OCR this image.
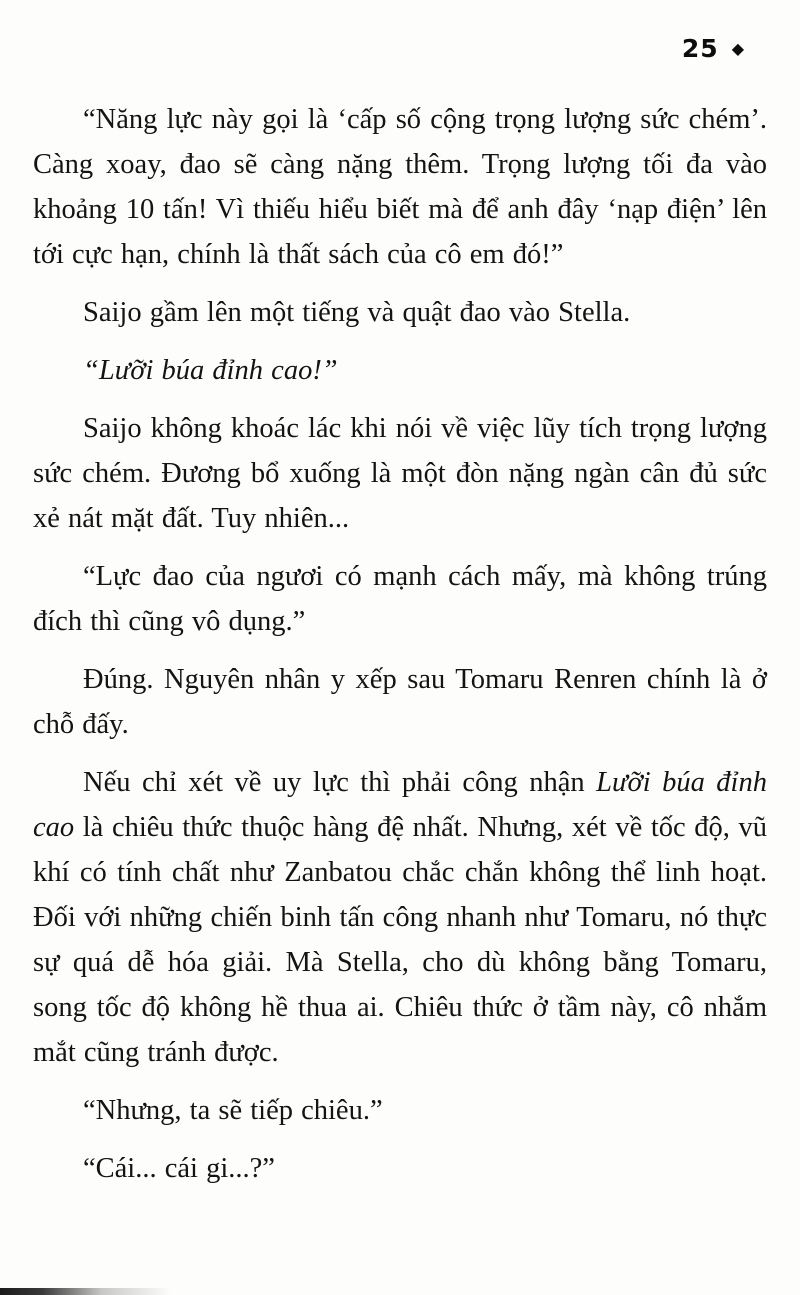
25 ◆

“Năng lực này gọi là ‘cấp số cộng trọng lượng sức chém’. Càng xoay, đao sẽ càng nặng thêm. Trọng lượng tối đa vào khoảng 10 tấn! Vì thiếu hiểu biết mà để anh đây ‘nạp điện’ lên tới cực hạn, chính là thất sách của cô em đó!”

Saijo gầm lên một tiếng và quật đao vào Stella.

“Lưỡi búa đỉnh cao!”

Saijo không khoác lác khi nói về việc lũy tích trọng lượng sức chém. Đương bổ xuống là một đòn nặng ngàn cân đủ sức xẻ nát mặt đất. Tuy nhiên...

“Lực đao của ngươi có mạnh cách mấy, mà không trúng đích thì cũng vô dụng.”

Đúng. Nguyên nhân y xếp sau Tomaru Renren chính là ở chỗ đấy.

Nếu chỉ xét về uy lực thì phải công nhận Lưỡi búa đỉnh cao là chiêu thức thuộc hàng đệ nhất. Nhưng, xét về tốc độ, vũ khí có tính chất như Zanbatou chắc chắn không thể linh hoạt. Đối với những chiến binh tấn công nhanh như Tomaru, nó thực sự quá dễ hóa giải. Mà Stella, cho dù không bằng Tomaru, song tốc độ không hề thua ai. Chiêu thức ở tầm này, cô nhắm mắt cũng tránh được.

“Nhưng, ta sẽ tiếp chiêu.”

“Cái... cái gi...?”
